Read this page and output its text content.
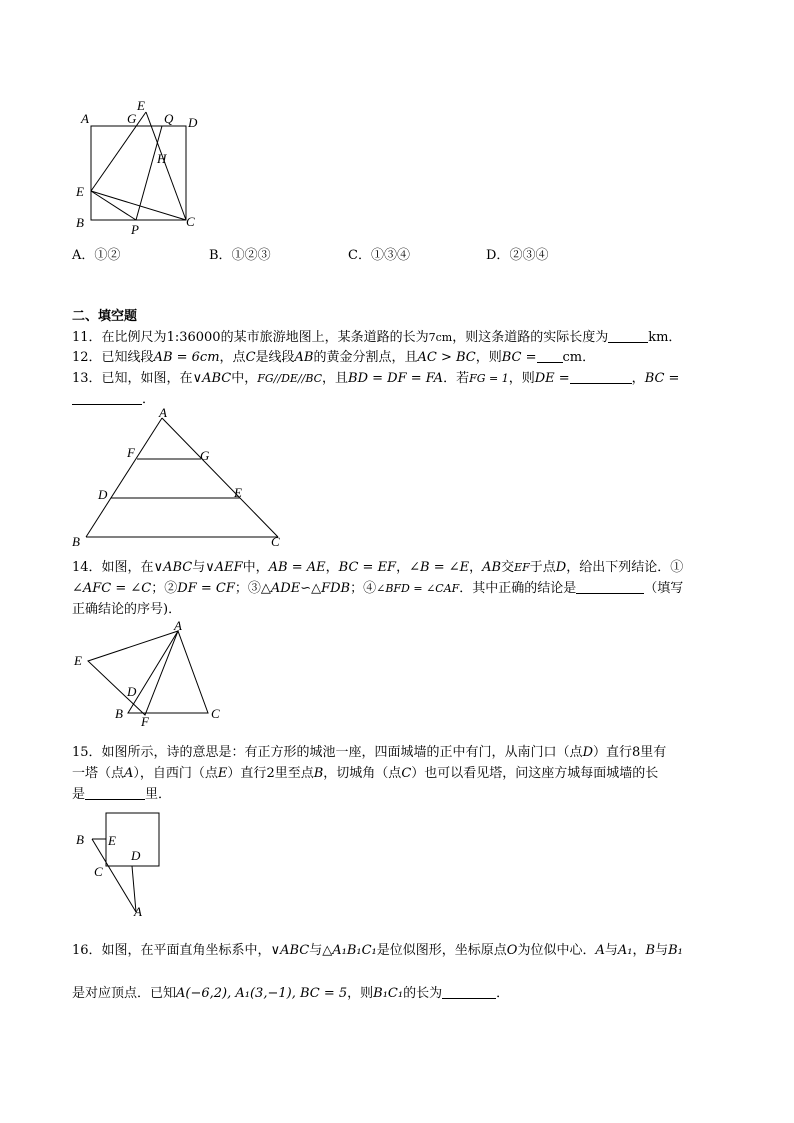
A
E
G Q D
H
E
B	P
C
A．①②	B．①②③	C．①③④	D．②③④
二、填空题
11．在比例尺为1:36000的某市旅游地图上，某条道路的长为7cm，则这条道路的实际长度为	km．
12．已知线段AB = 6cm，点C是线段AB的黄金分割点，且AC > BC，则BC = cm．
13．已知，如图，在∨ABC中，FG//DE//BC，且BD = DF = FA．若FG = 1，则DE =	，BC =
．
A
F	G
D	E
B	C
14．如图，在∨ABC与∨AEF中，AB = AE，BC = EF，∠B = ∠E，AB交EF于点D，给出下列结论．①
∠AFC = ∠C；②DF = CF；③△ADE∽△FDB；④∠BFD = ∠CAF．其中正确的结论是	（填写
正确结论的序号)．
A
E
D
B
F
C
15．如图所示，诗的意思是：有正方形的城池一座，四面城墙的正中有门，从南门口（点D）直行8里有
一塔（点A），自西门（点E）直行2里至点B，切城角（点C）也可以看见塔，问这座方城每面城墙的长
是	里．
B E
D
C
A
16．如图，在平面直角坐标系中，∨ABC与△A₁B₁C₁是位似图形，坐标原点O为位似中心．A与A₁，B与B₁
是对应顶点．已知A(−6,2), A₁(3,−1), BC = 5，则B₁C₁的长为	．
